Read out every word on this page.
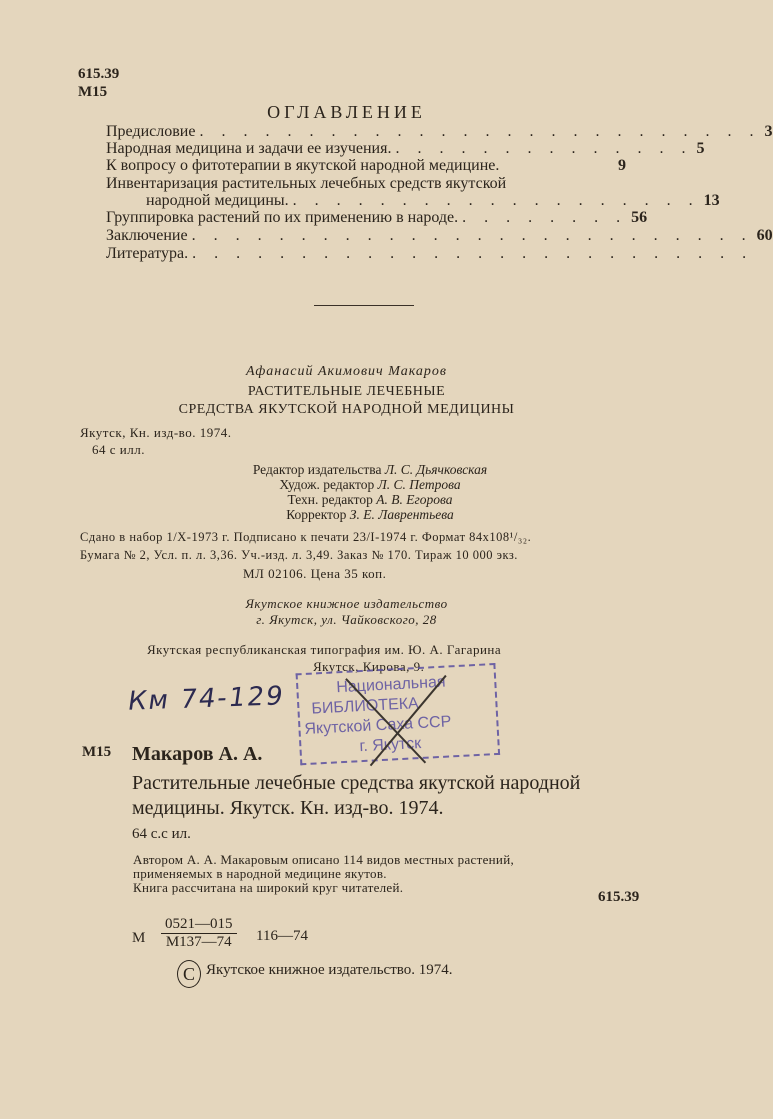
615.39
М15
ОГЛАВЛЕНИЕ
Предисловие . . . . . . . . . . . . . . . . . . . . . . . . . . 3
Народная медицина и задачи ее изучения. . . . . . . . . . . . . . . 5
К вопросу о фитотерапии в якутской народной медицине.	9
Инвентаризация растительных лечебных средств якутской
народной медицины. . . . . . . . . . . . . . . . . . . . 13
Группировка растений по их применению в народе. . . . . . . . . 56
Заключение . . . . . . . . . . . . . . . . . . . . . . . . . . 60
Литература. . . . . . . . . . . . . . . . . . . . . . . . . . .
Афанасий Акимович Макаров
РАСТИТЕЛЬНЫЕ ЛЕЧЕБНЫЕ
СРЕДСТВА ЯКУТСКОЙ НАРОДНОЙ МЕДИЦИНЫ
Якутск, Кн. изд-во. 1974.
64 с илл.
Редактор издательства Л. С. Дьячковская
Худож. редактор Л. С. Петрова
Техн. редактор А. В. Егорова
Корректор З. Е. Лаврентьева
Сдано в набор 1/X-1973 г. Подписано к печати 23/I-1974 г. Формат 84х108¹/₃₂.
Бумага № 2, Усл. п. л. 3,36. Уч.-изд. л. 3,49. Заказ № 170. Тираж 10 000 экз.
МЛ 02106. Цена 35 коп.
Якутское книжное издательство
г. Якутск, ул. Чайковского, 28
Якутская республиканская типография им. Ю. А. Гагарина
Якутск, Кирова, 9.
Национальная
БИБЛИОТЕКА
Якутской Саха ССР
г. Якутск
Км 74-129
М15 Макаров А. А.
Растительные лечебные средства якутской народной
медицины. Якутск. Кн. изд-во. 1974.
64 с.с ил.
Автором А. А. Макаровым описано 114 видов местных растений,
применяемых в народной медицине якутов.
Книга рассчитана на широкий круг читателей.
615.39
М
0521—015
М137—74	116—74
С Якутское книжное издательство. 1974.
